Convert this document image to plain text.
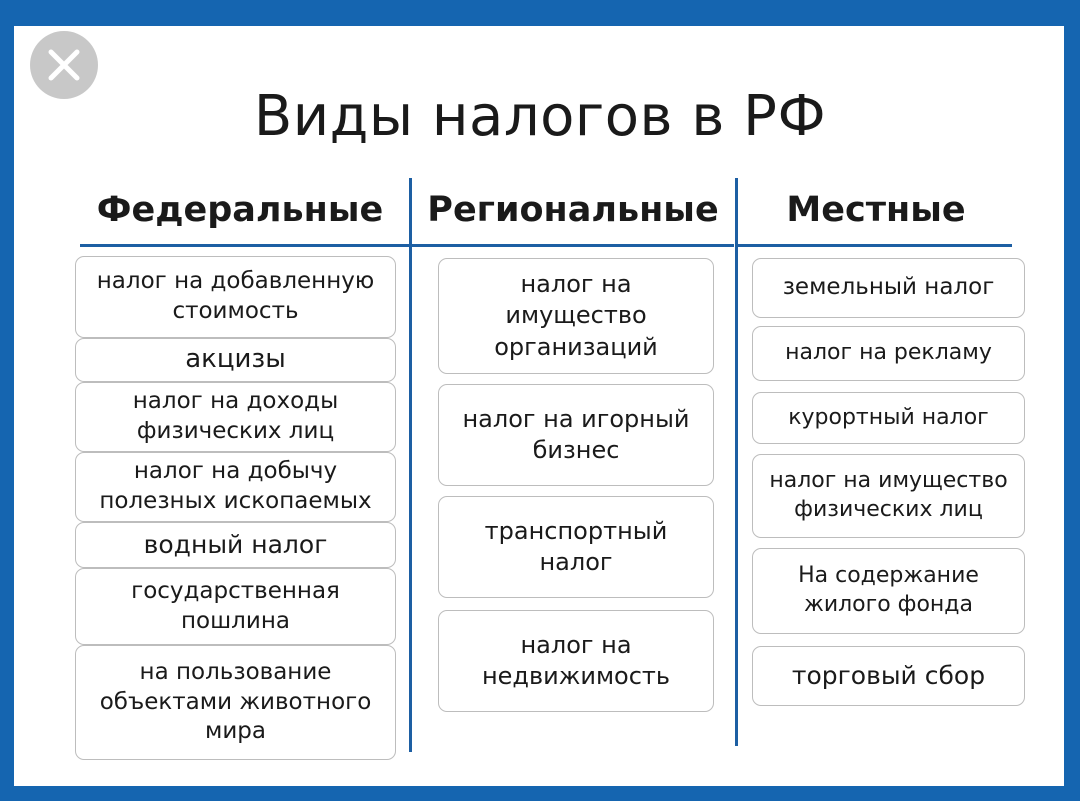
Виды налогов в РФ
Федеральные	Региональные	Местные
налог на добавленную
стоимость
акцизы
налог на доходы
физических лиц
налог на добычу
полезных ископаемых
водный налог
государственная
пошлина
на пользование
объектами животного
мира
налог на
имущество
организаций
налог на игорный
бизнес
транспортный
налог
налог на
недвижимость
земельный налог
налог на рекламу
курортный налог
налог на имущество
физических лиц
На содержание
жилого фонда
торговый сбор
